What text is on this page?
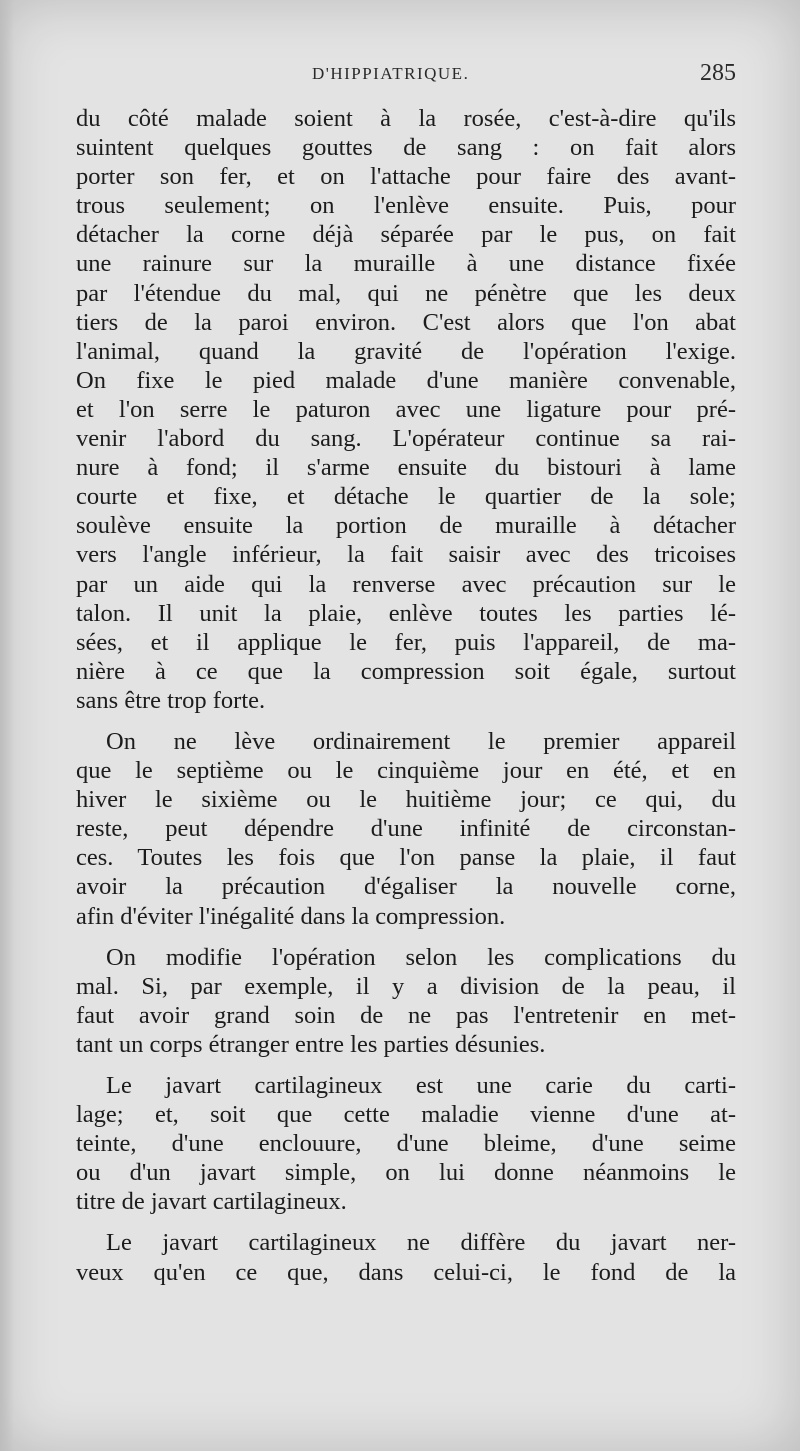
D'HIPPIATRIQUE.	285
du côté malade soient à la rosée, c'est-à-dire qu'ils
suintent quelques gouttes de sang : on fait alors
porter son fer, et on l'attache pour faire des avant-
trous seulement; on l'enlève ensuite. Puis, pour
détacher la corne déjà séparée par le pus, on fait
une rainure sur la muraille à une distance fixée
par l'étendue du mal, qui ne pénètre que les deux
tiers de la paroi environ. C'est alors que l'on abat
l'animal, quand la gravité de l'opération l'exige.
On fixe le pied malade d'une manière convenable,
et l'on serre le paturon avec une ligature pour pré-
venir l'abord du sang. L'opérateur continue sa rai-
nure à fond; il s'arme ensuite du bistouri à lame
courte et fixe, et détache le quartier de la sole;
soulève ensuite la portion de muraille à détacher
vers l'angle inférieur, la fait saisir avec des tricoises
par un aide qui la renverse avec précaution sur le
talon. Il unit la plaie, enlève toutes les parties lé-
sées, et il applique le fer, puis l'appareil, de ma-
nière à ce que la compression soit égale, surtout
sans être trop forte.
On ne lève ordinairement le premier appareil
que le septième ou le cinquième jour en été, et en
hiver le sixième ou le huitième jour; ce qui, du
reste, peut dépendre d'une infinité de circonstan-
ces. Toutes les fois que l'on panse la plaie, il faut
avoir la précaution d'égaliser la nouvelle corne,
afin d'éviter l'inégalité dans la compression.
On modifie l'opération selon les complications du
mal. Si, par exemple, il y a division de la peau, il
faut avoir grand soin de ne pas l'entretenir en met-
tant un corps étranger entre les parties désunies.
Le javart cartilagineux est une carie du carti-
lage; et, soit que cette maladie vienne d'une at-
teinte, d'une enclouure, d'une bleime, d'une seime
ou d'un javart simple, on lui donne néanmoins le
titre de javart cartilagineux.
Le javart cartilagineux ne diffère du javart ner-
veux qu'en ce que, dans celui-ci, le fond de la
